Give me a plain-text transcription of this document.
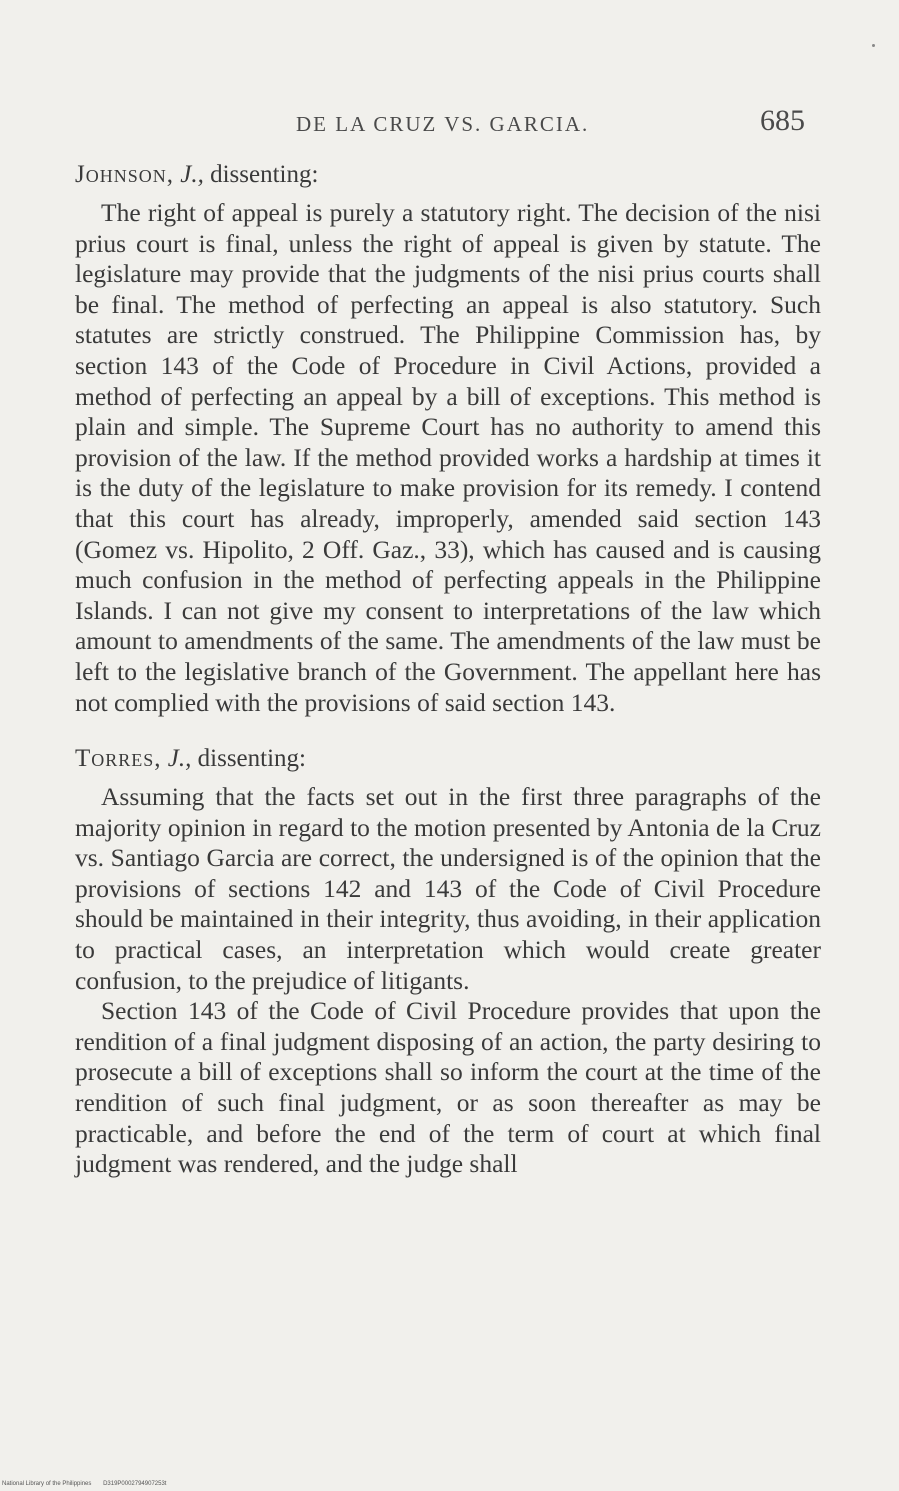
DE LA CRUZ VS. GARCIA.	685
Johnson, J., dissenting:

The right of appeal is purely a statutory right. The decision of the nisi prius court is final, unless the right of appeal is given by statute. The legislature may provide that the judgments of the nisi prius courts shall be final. The method of perfecting an appeal is also statutory. Such statutes are strictly construed. The Philippine Commission has, by section 143 of the Code of Procedure in Civil Actions, provided a method of perfecting an appeal by a bill of exceptions. This method is plain and simple. The Supreme Court has no authority to amend this provision of the law. If the method provided works a hardship at times it is the duty of the legislature to make provision for its remedy. I contend that this court has already, improperly, amended said section 143 (Gomez vs. Hipolito, 2 Off. Gaz., 33), which has caused and is causing much confusion in the method of perfecting appeals in the Philippine Islands. I can not give my consent to interpretations of the law which amount to amendments of the same. The amendments of the law must be left to the legislative branch of the Government. The appellant here has not complied with the provisions of said section 143.

Torres, J., dissenting:

Assuming that the facts set out in the first three paragraphs of the majority opinion in regard to the motion presented by Antonia de la Cruz vs. Santiago Garcia are correct, the undersigned is of the opinion that the provisions of sections 142 and 143 of the Code of Civil Procedure should be maintained in their integrity, thus avoiding, in their application to practical cases, an interpretation which would create greater confusion, to the prejudice of litigants.

Section 143 of the Code of Civil Procedure provides that upon the rendition of a final judgment disposing of an action, the party desiring to prosecute a bill of exceptions shall so inform the court at the time of the rendition of such final judgment, or as soon thereafter as may be practicable, and before the end of the term of court at which final judgment was rendered, and the judge shall

National Library of the Philippines D319P0002794907253t
